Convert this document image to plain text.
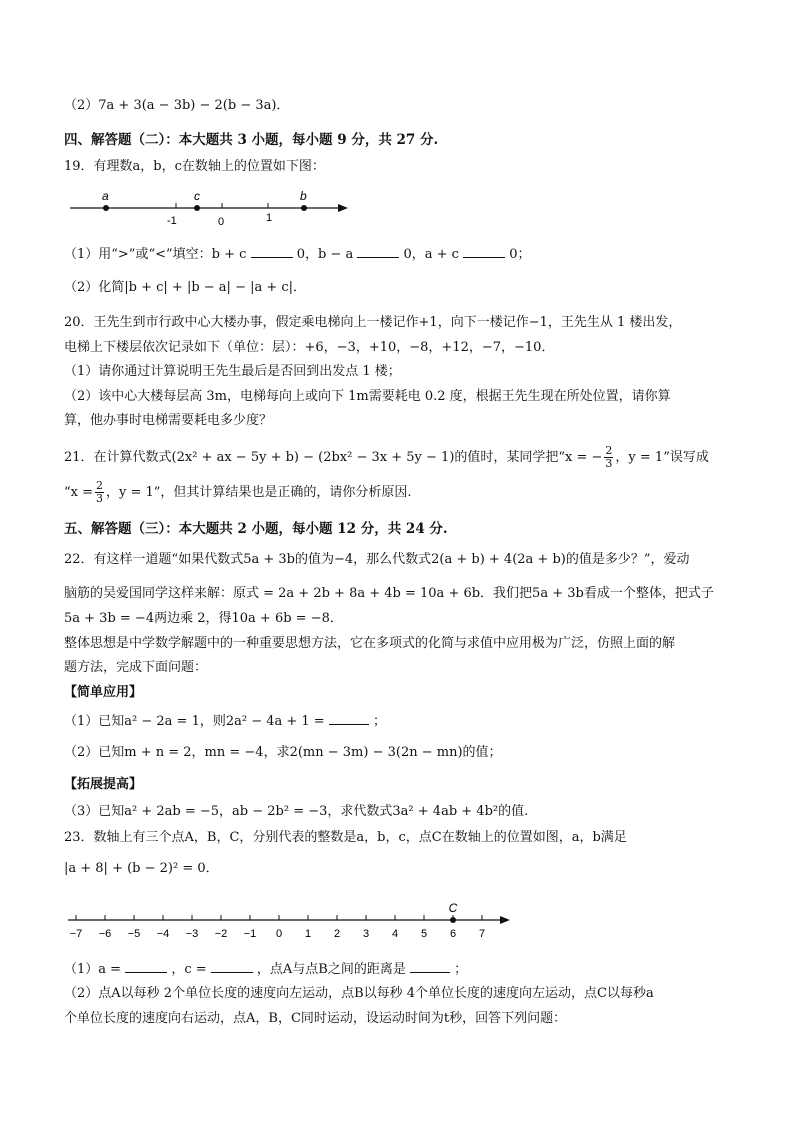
（2）7a + 3(a − 3b) − 2(b − 3a)．
四、解答题（二）：本大题共 3 小题，每小题 9 分，共 27 分.
19．有理数a，b，c在数轴上的位置如下图：
a
-1
c
0	1
b
（1）用“>”或“<”填空：b + c	0，b − a	0，a + c	0；
（2）化简|b + c| + |b − a| − |a + c|．
20．王先生到市行政中心大楼办事，假定乘电梯向上一楼记作+1，向下一楼记作−1，王先生从 1 楼出发，
电梯上下楼层依次记录如下（单位：层）：+6，−3，+10，−8，+12，−7，−10．
（1）请你通过计算说明王先生最后是否回到出发点 1 楼；
（2）该中心大楼每层高 3m，电梯每向上或向下 1m需要耗电 0.2 度，根据王先生现在所处位置，请你算
算，他办事时电梯需要耗电多少度？
21．在计算代数式(2x² + ax − 5y + b) − (2bx² − 3x + 5y − 1)的值时，某同学把“x = − $\frac{2}{3}$ ，y = 1”误写成
“$x = \frac{2}{3}$ ，y = 1”，但其计算结果也是正确的，请你分析原因.
五、解答题（三）：本大题共 2 小题，每小题 12 分，共 24 分.
22．有这样一道题“如果代数式5a + 3b的值为−4，那么代数式2(a + b) + 4(2a + b)的值是多少？”，爱动
脑筋的吴爱国同学这样来解：原式 = 2a + 2b + 8a + 4b = 10a + 6b．我们把5a + 3b看成一个整体，把式子
5a + 3b = −4两边乘 2，得10a + 6b = −8．
整体思想是中学数学解题中的一种重要思想方法，它在多项式的化简与求值中应用极为广泛，仿照上面的解
题方法，完成下面问题：
【简单应用】
（1）已知a² − 2a = 1，则2a² − 4a + 1 =	；
（2）已知m + n = 2，mn = −4，求2(mn − 3m) − 3(2n − mn)的值；
【拓展提高】
（3）已知a² + 2ab = −5，ab − 2b² = −3，求代数式3a² + 4ab + 4b²的值.
23．数轴上有三个点A，B，C，分别代表的整数是a，b，c，点C在数轴上的位置如图，a，b满足
|a + 8| + (b − 2)² = 0．
−7 −6 −5 −4 −3 −2 −1 0 1 2 3 4 5 6 7
C
（1）a =	，c =	，点A与点B之间的距离是	；
（2）点A以每秒 2个单位长度的速度向左运动，点B以每秒 4个单位长度的速度向左运动，点C以每秒a
个单位长度的速度向右运动，点A，B，C同时运动，设运动时间为t秒，回答下列问题：
